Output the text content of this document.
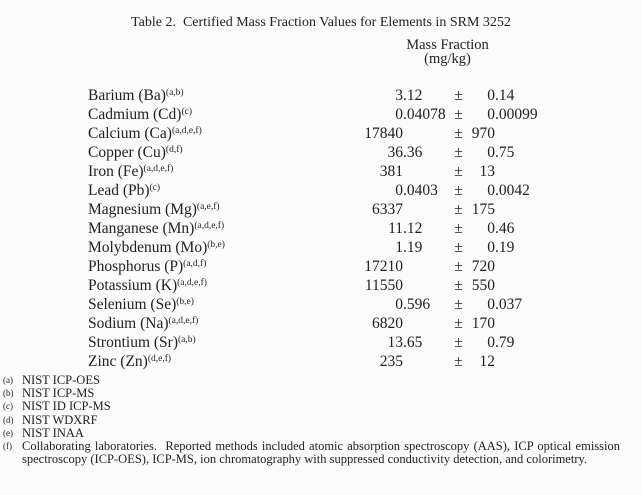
Table 2.  Certified Mass Fraction Values for Elements in SRM 3252
Mass Fraction
(mg/kg)
Barium (Ba)$^{(a,b)}$	3 .12	±	0 .14
Cadmium (Cd)$^{(c)}$	0 .04078 ±	0 .00099
Calcium (Ca)$^{(a,d,e,f)}$	17840	± 970
Copper (Cu)$^{(d,f)}$	36 .36	±	0 .75
Iron (Fe)$^{(a,d,e,f)}$	381	±	13
Lead (Pb)$^{(c)}$	0 .0403	±	0 .0042
Magnesium (Mg)$^{(a,e,f)}$	6337	± 175
Manganese (Mn)$^{(a,d,e,f)}$	11 .12	±	0 .46
Molybdenum (Mo)$^{(b,e)}$	1 .19	±	0 .19
Phosphorus (P)$^{(a,d,f)}$	17210	± 720
Potassium (K)$^{(a,d,e,f)}$	11550	± 550
Selenium (Se)$^{(b,e)}$	0 .596	±	0 .037
Sodium (Na)$^{(a,d,e,f)}$	6820	± 170
Strontium (Sr)$^{(a,b)}$	13 .65	±	0 .79
Zinc (Zn)$^{(d,e,f)}$	235	±	12
(a) NIST ICP-OES
(b) NIST ICP-MS
(c) NIST ID ICP-MS
(d) NIST WDXRF
(e) NIST INAA
(f) Collaborating laboratories.  Reported methods included atomic absorption spectroscopy (AAS), ICP optical emission spectroscopy (ICP-OES), ICP-MS, ion chromatography with suppressed conductivity detection, and colorimetry.
